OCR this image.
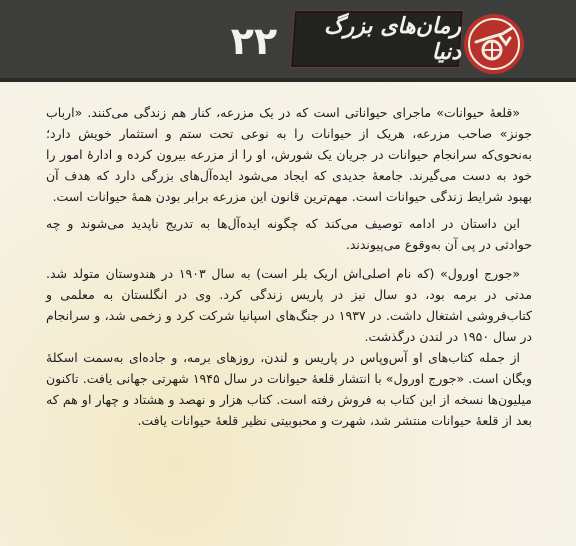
رمان‌های بزرگ دنیا
۲۲

«قلعهٔ حیوانات» ماجرای حیواناتی است که در یک مزرعه، کنار هم زندگی می‌کنند. «ارباب جونز» صاحب مزرعه، هریک از حیوانات را به نوعی تحت ستم و استثمار خویش دارد؛ به‌نحوی‌که سرانجام حیوانات در جریان یک شورش، او را از مزرعه بیرون کرده و ادارهٔ امور را خود به دست می‌گیرند. جامعهٔ جدیدی که ایجاد می‌شود ایده‌آل‌های بزرگی دارد که هدف آن بهبود شرایط زندگی حیوانات است. مهم‌ترین قانون این مزرعه برابر بودن همهٔ حیوانات است.

این داستان در ادامه توصیف می‌کند که چگونه ایده‌آل‌ها به تدریج ناپدید می‌شوند و چه حوادثی در پی آن به‌وقوع می‌پیوندند.

«جورج اورول» (که نام اصلی‌اش اریک بلر است) به سال ۱۹۰۳ در هندوستان متولد شد. مدتی در برمه بود، دو سال نیز در پاریس زندگی کرد. وی در انگلستان به معلمی و کتاب‌فروشی اشتغال داشت. در ۱۹۳۷ در جنگ‌های اسپانیا شرکت کرد و زخمی شد، و سرانجام در سال ۱۹۵۰ در لندن درگذشت.

از جمله کتاب‌های او آس‌وپاس در پاریس و لندن، روزهای برمه، و جاده‌ای به‌سمت اسکلهٔ ویگان است. «جورج اورول» با انتشار قلعهٔ حیوانات در سال ۱۹۴۵ شهرتی جهانی یافت. تاکنون میلیون‌ها نسخه از این کتاب به فروش رفته است. کتاب هزار و نهصد و هشتاد و چهار او هم که بعد از قلعهٔ حیوانات منتشر شد، شهرت و محبوبیتی نظیر قلعهٔ حیوانات یافت.
